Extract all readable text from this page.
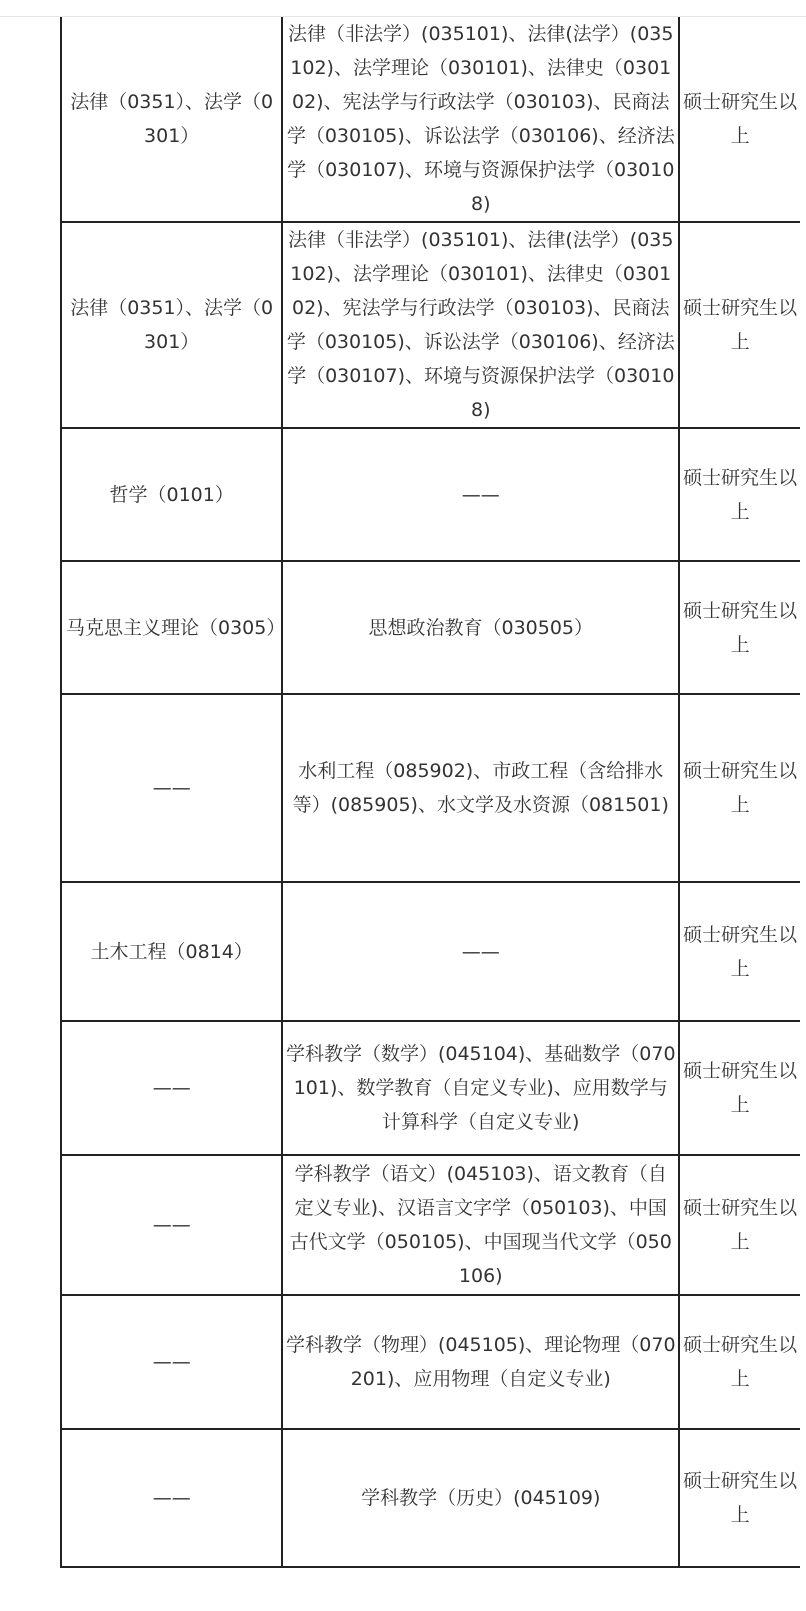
法律（0351）、法学（0301）	法律（非法学）(035101)、法律(法学）(035102)、法学理论（030101)、法律史（030102)、宪法学与行政法学（030103)、民商法学（030105)、诉讼法学（030106)、经济法学（030107)、环境与资源保护法学（030108)	硕士研究生以上
法律（0351）、法学（0301）	法律（非法学）(035101)、法律(法学）(035102)、法学理论（030101)、法律史（030102)、宪法学与行政法学（030103)、民商法学（030105)、诉讼法学（030106)、经济法学（030107)、环境与资源保护法学（030108)	硕士研究生以上
哲学（0101）	——	硕士研究生以上
马克思主义理论（0305）	思想政治教育（030505）	硕士研究生以上
——	水利工程（085902)、市政工程（含给排水等）(085905)、水文学及水资源（081501)	硕士研究生以上
土木工程（0814）	——	硕士研究生以上
——	学科教学（数学）(045104)、基础数学（070101)、数学教育（自定义专业)、应用数学与计算科学（自定义专业)	硕士研究生以上
——	学科教学（语文）(045103)、语文教育（自定义专业)、汉语言文字学（050103)、中国古代文学（050105)、中国现当代文学（050106)	硕士研究生以上
——	学科教学（物理）(045105)、理论物理（070201)、应用物理（自定义专业)	硕士研究生以上
——	学科教学（历史）(045109)	硕士研究生以上
